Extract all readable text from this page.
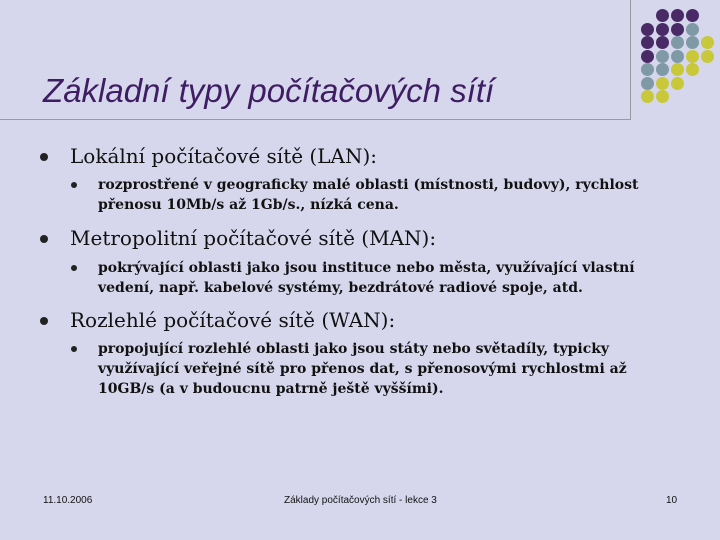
Základní typy počítačových sítí
Lokální počítačové sítě (LAN):
rozprostřené v geograficky malé oblasti (místnosti, budovy), rychlost
přenosu 10Mb/s až 1Gb/s., nízká cena.
Metropolitní počítačové sítě (MAN):
pokrývající oblasti jako jsou instituce nebo města, využívající vlastní
vedení, např. kabelové systémy, bezdrátové radiové spoje, atd.
Rozlehlé počítačové sítě (WAN):
propojující rozlehlé oblasti jako jsou státy nebo světadíly, typicky
využívající veřejné sítě pro přenos dat, s přenosovými rychlostmi až
10GB/s (a v budoucnu patrně ještě vyššími).
11.10.2006	Základy počítačových sítí - lekce 3	10
